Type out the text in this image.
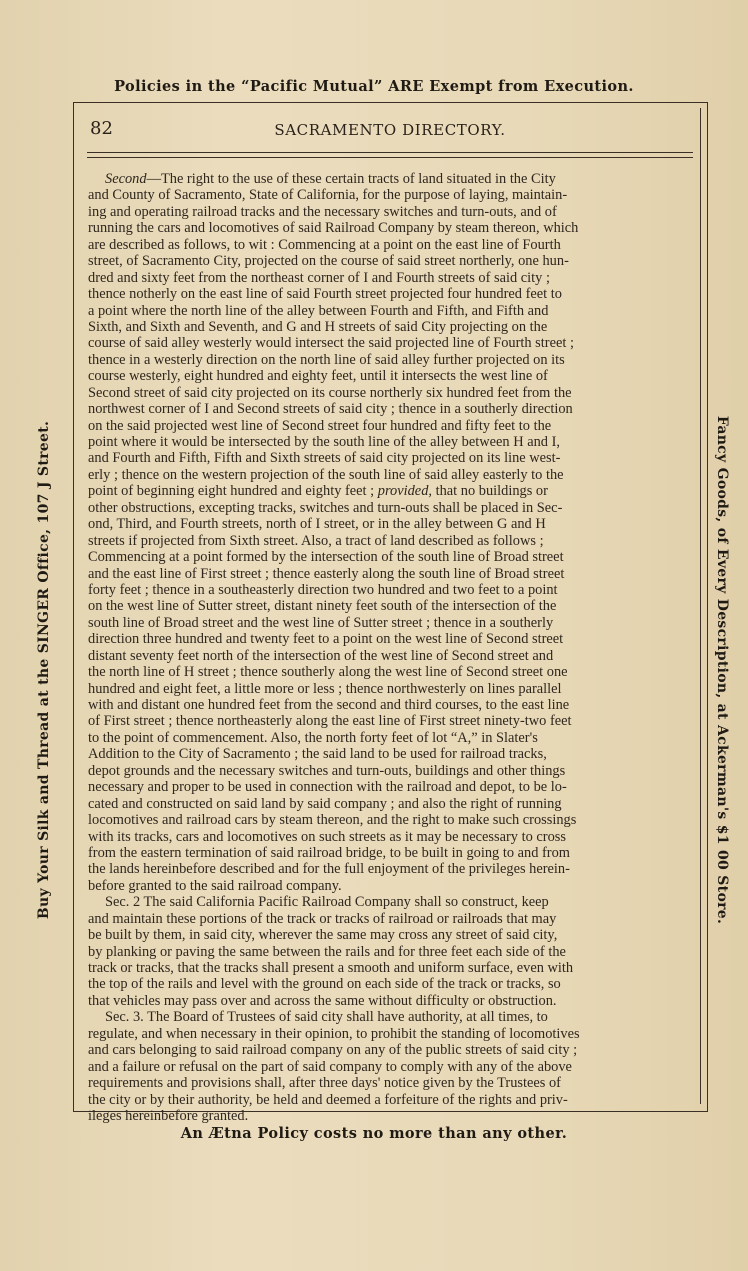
Policies in the “Pacific Mutual” ARE Exempt from Execution.
Buy Your Silk and Thread at the SINGER Office, 107 J Street.	Fancy Goods, of Every Description, at Ackerman's $1 00 Store.
82	SACRAMENTO DIRECTORY.
Second—The right to the use of these certain tracts of land situated in the City
and County of Sacramento, State of California, for the purpose of laying, maintain-
ing and operating railroad tracks and the necessary switches and turn-outs, and of
running the cars and locomotives of said Railroad Company by steam thereon, which
are described as follows, to wit : Commencing at a point on the east line of Fourth
street, of Sacramento City, projected on the course of said street northerly, one hun-
dred and sixty feet from the northeast corner of I and Fourth streets of said city ;
thence notherly on the east line of said Fourth street projected four hundred feet to
a point where the north line of the alley between Fourth and Fifth, and Fifth and
Sixth, and Sixth and Seventh, and G and H streets of said City projecting on the
course of said alley westerly would intersect the said projected line of Fourth street ;
thence in a westerly direction on the north line of said alley further projected on its
course westerly, eight hundred and eighty feet, until it intersects the west line of
Second street of said city projected on its course northerly six hundred feet from the
northwest corner of I and Second streets of said city ; thence in a southerly direction
on the said projected west line of Second street four hundred and fifty feet to the
point where it would be intersected by the south line of the alley between H and I,
and Fourth and Fifth, Fifth and Sixth streets of said city projected on its line west-
erly ; thence on the western projection of the south line of said alley easterly to the
point of beginning eight hundred and eighty feet ; provided, that no buildings or
other obstructions, excepting tracks, switches and turn-outs shall be placed in Sec-
ond, Third, and Fourth streets, north of I street, or in the alley between G and H
streets if projected from Sixth street. Also, a tract of land described as follows ;
Commencing at a point formed by the intersection of the south line of Broad street
and the east line of First street ; thence easterly along the south line of Broad street
forty feet ; thence in a southeasterly direction two hundred and two feet to a point
on the west line of Sutter street, distant ninety feet south of the intersection of the
south line of Broad street and the west line of Sutter street ; thence in a southerly
direction three hundred and twenty feet to a point on the west line of Second street
distant seventy feet north of the intersection of the west line of Second street and
the north line of H street ; thence southerly along the west line of Second street one
hundred and eight feet, a little more or less ; thence northwesterly on lines parallel
with and distant one hundred feet from the second and third courses, to the east line
of First street ; thence northeasterly along the east line of First street ninety-two feet
to the point of commencement. Also, the north forty feet of lot “A,” in Slater's
Addition to the City of Sacramento ; the said land to be used for railroad tracks,
depot grounds and the necessary switches and turn-outs, buildings and other things
necessary and proper to be used in connection with the railroad and depot, to be lo-
cated and constructed on said land by said company ; and also the right of running
locomotives and railroad cars by steam thereon, and the right to make such crossings
with its tracks, cars and locomotives on such streets as it may be necessary to cross
from the eastern termination of said railroad bridge, to be built in going to and from
the lands hereinbefore described and for the full enjoyment of the privileges herein-
before granted to the said railroad company.
Sec. 2 The said California Pacific Railroad Company shall so construct, keep
and maintain these portions of the track or tracks of railroad or railroads that may
be built by them, in said city, wherever the same may cross any street of said city,
by planking or paving the same between the rails and for three feet each side of the
track or tracks, that the tracks shall present a smooth and uniform surface, even with
the top of the rails and level with the ground on each side of the track or tracks, so
that vehicles may pass over and across the same without difficulty or obstruction.
Sec. 3. The Board of Trustees of said city shall have authority, at all times, to
regulate, and when necessary in their opinion, to prohibit the standing of locomotives
and cars belonging to said railroad company on any of the public streets of said city ;
and a failure or refusal on the part of said company to comply with any of the above
requirements and provisions shall, after three days' notice given by the Trustees of
the city or by their authority, be held and deemed a forfeiture of the rights and priv-
ileges hereinbefore granted.
An Ætna Policy costs no more than any other.
